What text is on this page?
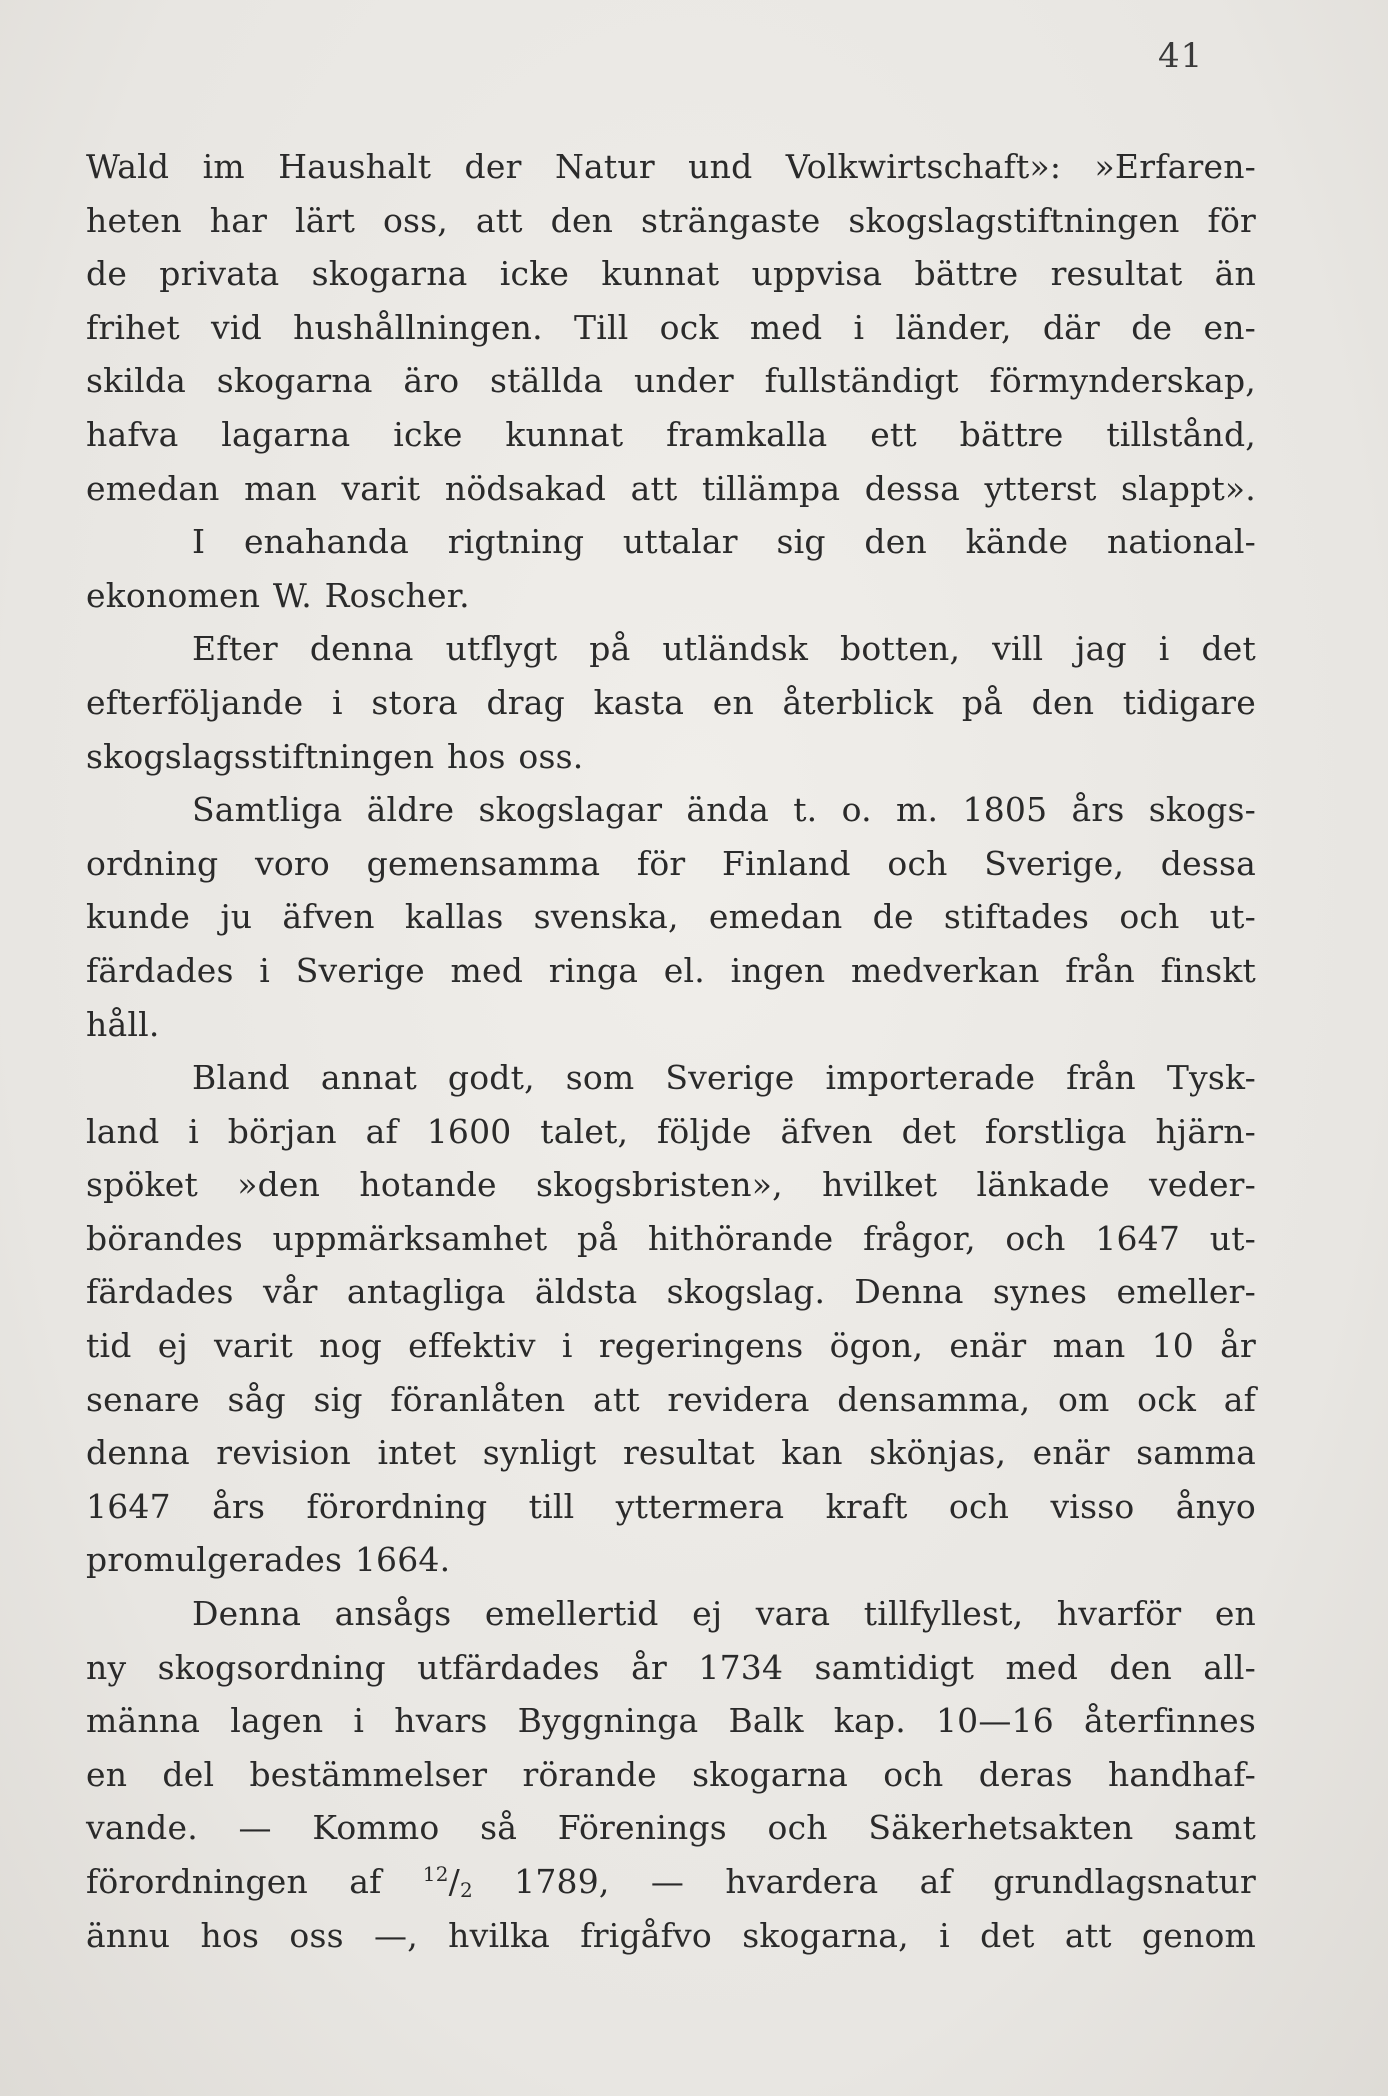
41
Wald im Haushalt der Natur und Volkwirtschaft»: »Erfaren-
heten har lärt oss, att den strängaste skogslagstiftningen för
de privata skogarna icke kunnat uppvisa bättre resultat än
frihet vid hushållningen. Till ock med i länder, där de en-
skilda skogarna äro ställda under fullständigt förmynderskap,
hafva lagarna icke kunnat framkalla ett bättre tillstånd,
emedan man varit nödsakad att tillämpa dessa ytterst slappt».
I enahanda rigtning uttalar sig den kände national-
ekonomen W. Roscher.
Efter denna utflygt på utländsk botten, vill jag i det
efterföljande i stora drag kasta en återblick på den tidigare
skogslagsstiftningen hos oss.
Samtliga äldre skogslagar ända t. o. m. 1805 års skogs-
ordning voro gemensamma för Finland och Sverige, dessa
kunde ju äfven kallas svenska, emedan de stiftades och ut-
färdades i Sverige med ringa el. ingen medverkan från finskt
håll.
Bland annat godt, som Sverige importerade från Tysk-
land i början af 1600 talet, följde äfven det forstliga hjärn-
spöket »den hotande skogsbristen», hvilket länkade veder-
börandes uppmärksamhet på hithörande frågor, och 1647 ut-
färdades vår antagliga äldsta skogslag. Denna synes emeller-
tid ej varit nog effektiv i regeringens ögon, enär man 10 år
senare såg sig föranlåten att revidera densamma, om ock af
denna revision intet synligt resultat kan skönjas, enär samma
1647 års förordning till yttermera kraft och visso ånyo
promulgerades 1664.
Denna ansågs emellertid ej vara tillfyllest, hvarför en
ny skogsordning utfärdades år 1734 samtidigt med den all-
männa lagen i hvars Byggninga Balk kap. 10—16 återfinnes
en del bestämmelser rörande skogarna och deras handhaf-
vande. — Kommo så Förenings och Säkerhetsakten samt
förordningen af $^{12}/_2$ 1789, — hvardera af grundlagsnatur
ännu hos oss —, hvilka frigåfvo skogarna, i det att genom
